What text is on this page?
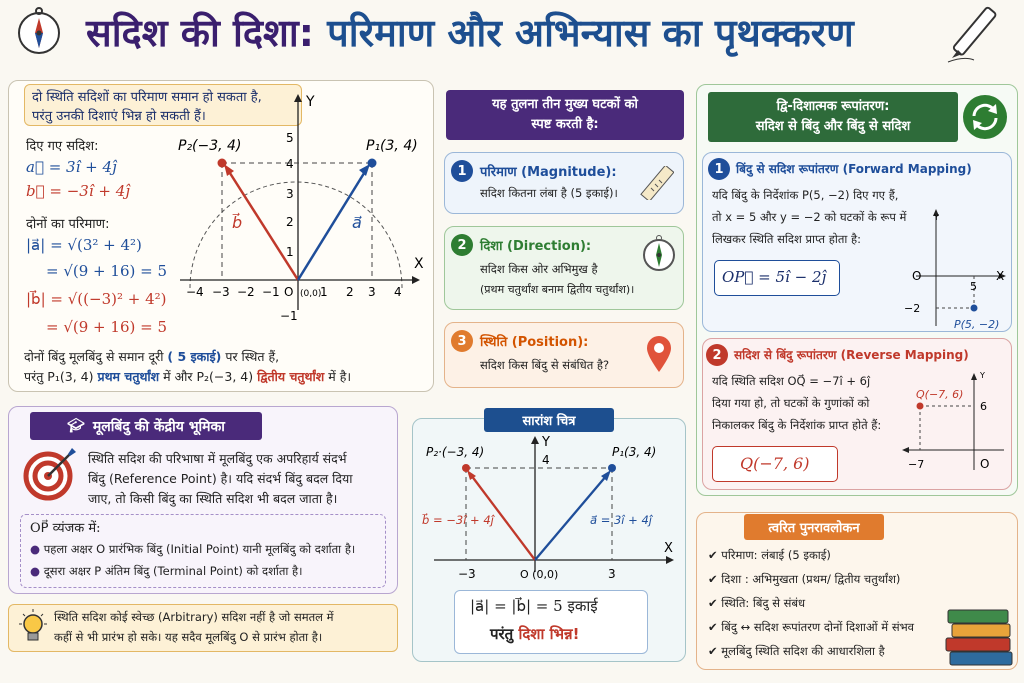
सदिश की दिशा: परिमाण और अभिन्यास का पृथक्करण
दो स्थिति सदिशों का परिमाण समान हो सकता है,
परंतु उनकी दिशाएं भिन्न हो सकती हैं।
दिए गए सदिश:
a⃗ = 3î + 4ĵ
b⃗ = −3î + 4ĵ
दोनों का परिमाण:
|a⃗| = √(3² + 4²)
= √(9 + 16) = 5
|b⃗| = √((−3)² + 4²)
= √(9 + 16) = 5
P₂(−3, 4)	P₁(3, 4)
b⃗	a⃗
X
Y
O (0,0)
−4 −3 −2 −1	1 2 3 4
5
4
3
2
1
−1
दोनों बिंदु मूलबिंदु से समान दूरी ( 5 इकाई) पर स्थित हैं,
परंतु P₁(3, 4) प्रथम चतुर्थांश में और P₂(−3, 4) द्वितीय चतुर्थांश में है।
🎓︎ मूलबिंदु की केंद्रीय भूमिका
स्थिति सदिश की परिभाषा में मूलबिंदु एक अपरिहार्य संदर्भ
बिंदु (Reference Point) है। यदि संदर्भ बिंदु बदल दिया
जाए, तो किसी बिंदु का स्थिति सदिश भी बदल जाता है।
OP⃗ व्यंजक में:
● पहला अक्षर O प्रारंभिक बिंदु (Initial Point) यानी मूलबिंदु को दर्शाता है।
● दूसरा अक्षर P अंतिम बिंदु (Terminal Point) को दर्शाता है।
स्थिति सदिश कोई स्वेच्छ (Arbitrary) सदिश नहीं है जो समतल में
कहीं से भी प्रारंभ हो सके। यह सदैव मूलबिंदु O से प्रारंभ होता है।
यह तुलना तीन मुख्य घटकों को
स्पष्ट करती है:
1	परिमाण (Magnitude):
सदिश कितना लंबा है (5 इकाई)।
2	दिशा (Direction):
सदिश किस ओर अभिमुख है
(प्रथम चतुर्थांश बनाम द्वितीय चतुर्थांश)।
3	स्थिति (Position):
सदिश किस बिंदु से संबंधित है?
सारांश चित्र
P₂·(−3, 4)	P₁(3, 4)
b⃗ = −3î + 4ĵ	a⃗ = 3î + 4ĵ
X
Y
O (0,0)
−3	3
4
|a⃗| = |b⃗| = 5 इकाई
परंतु दिशा भिन्न!
द्वि-दिशात्मक रूपांतरण:
सदिश से बिंदु और बिंदु से सदिश
1	बिंदु से सदिश रूपांतरण (Forward Mapping)
यदि बिंदु के निर्देशांक P(5, −2) दिए गए हैं,
तो x = 5 और y = −2 को घटकों के रूप में
लिखकर स्थिति सदिश प्राप्त होता है:
OP⃗ = 5î − 2ĵ	X
Y
O
5
−2
P(5, −2)
2	सदिश से बिंदु रूपांतरण (Reverse Mapping)
यदि स्थिति सदिश OQ⃗ = −7î + 6ĵ
दिया गया हो, तो घटकों के गुणांकों को
निकालकर बिंदु के निर्देशांक प्राप्त होते हैं:
Q(−7, 6)
Y
O
−7
6
Q(−7, 6)
त्वरित पुनरावलोकन
✔ परिमाण: लंबाई (5 इकाई)
✔ दिशा : अभिमुखता (प्रथम/ द्वितीय चतुर्थांश)
✔ स्थिति: बिंदु से संबंध
✔ बिंदु ↔ सदिश रूपांतरण दोनों दिशाओं में संभव
✔ मूलबिंदु स्थिति सदिश की आधारशिला है
